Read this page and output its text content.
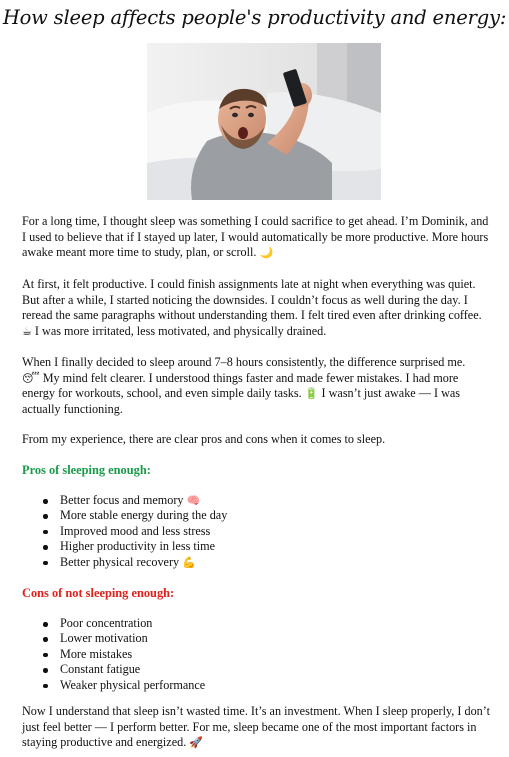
How sleep affects people's productivity and energy:

For a long time, I thought sleep was something I could sacrifice to get ahead. I’m Dominik, and I used to believe that if I stayed up later, I would automatically be more productive. More hours awake meant more time to study, plan, or scroll. 🌙

At first, it felt productive. I could finish assignments late at night when everything was quiet. But after a while, I started noticing the downsides. I couldn’t focus as well during the day. I reread the same paragraphs without understanding them. I felt tired even after drinking coffee.
☕ I was more irritated, less motivated, and physically drained.

When I finally decided to sleep around 7–8 hours consistently, the difference surprised me.
😴 My mind felt clearer. I understood things faster and made fewer mistakes. I had more energy for workouts, school, and even simple daily tasks. 🔋 I wasn’t just awake — I was actually functioning.

From my experience, there are clear pros and cons when it comes to sleep.

Pros of sleeping enough:

Better focus and memory 🧠
More stable energy during the day
Improved mood and less stress
Higher productivity in less time
Better physical recovery 💪

Cons of not sleeping enough:

Poor concentration
Lower motivation
More mistakes
Constant fatigue
Weaker physical performance

Now I understand that sleep isn’t wasted time. It’s an investment. When I sleep properly, I don’t just feel better — I perform better. For me, sleep became one of the most important factors in staying productive and energized. 🚀
